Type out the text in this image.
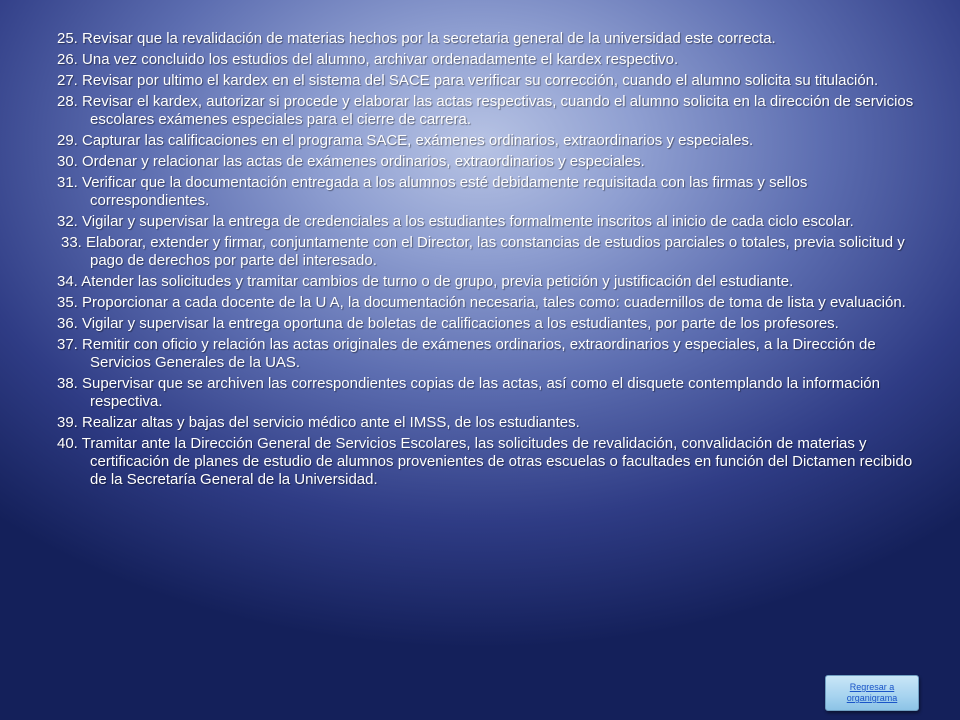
25. Revisar que la revalidación de materias hechos por la secretaria general de la universidad este correcta.
26. Una vez concluido los estudios del alumno, archivar ordenadamente el kardex respectivo.
27. Revisar por ultimo el kardex en el sistema del SACE para verificar su corrección, cuando el alumno solicita su titulación.
28. Revisar el kardex, autorizar si procede y elaborar las actas respectivas, cuando el alumno solicita en la dirección de servicios escolares exámenes especiales para el cierre de carrera.
29. Capturar las calificaciones en el programa SACE, exámenes ordinarios, extraordinarios y especiales.
30. Ordenar y relacionar las actas de exámenes ordinarios, extraordinarios y especiales.
31. Verificar que la documentación entregada a los alumnos esté debidamente requisitada con las firmas y sellos correspondientes.
32. Vigilar y supervisar la entrega de credenciales a los estudiantes formalmente inscritos al inicio de cada ciclo escolar.
33. Elaborar, extender y firmar, conjuntamente con el Director, las constancias de estudios parciales o totales, previa solicitud y pago de derechos por parte del interesado.
34. Atender las solicitudes y tramitar cambios de turno o de grupo, previa petición y justificación del estudiante.
35. Proporcionar a cada docente de la U A, la documentación necesaria, tales como: cuadernillos de toma de lista y evaluación.
36. Vigilar y supervisar la entrega oportuna de boletas de calificaciones a los estudiantes, por parte de los profesores.
37. Remitir con oficio y relación las actas originales de exámenes ordinarios, extraordinarios y especiales, a la Dirección de Servicios Generales de la UAS.
38. Supervisar que se archiven las correspondientes copias de las actas, así como el disquete contemplando la información respectiva.
39. Realizar altas y bajas del servicio médico ante el IMSS, de los estudiantes.
40. Tramitar ante la Dirección General de Servicios Escolares, las solicitudes de revalidación, convalidación de materias y certificación de planes de estudio de alumnos provenientes de otras escuelas o facultades en función del Dictamen recibido de la Secretaría General de la Universidad.
Regresar a organigrama
